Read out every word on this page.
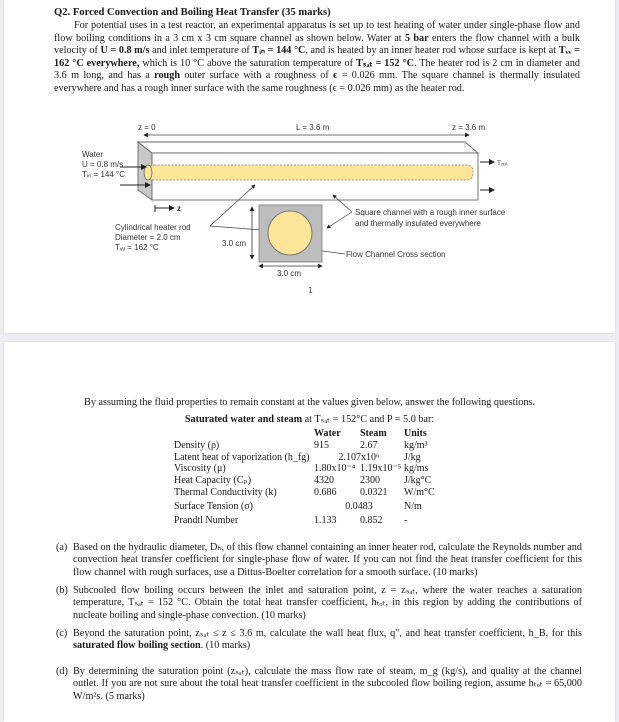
Q2. Forced Convection and Boiling Heat Transfer (35 marks)
For potential uses in a test reactor, an experimental apparatus is set up to test heating of water under single-phase flow and flow boiling conditions in a 3 cm x 3 cm square channel as shown below. Water at 5 bar enters the flow channel with a bulk velocity of U = 0.8 m/s and inlet temperature of Tᵢₙ = 144 °C, and is heated by an inner heater rod whose surface is kept at Tᵥᵥ = 162 °C everywhere, which is 10 °C above the saturation temperature of Tₛₐₜ = 152 °C. The heater rod is 2 cm in diameter and 3.6 m long, and has a rough outer surface with a roughness of ϵ = 0.026 mm. The square channel is thermally insulated everywhere and has a rough inner surface with the same roughness (ϵ = 0.026 mm) as the heater rod.
z = 0	L = 3.6 m	z = 3.6 m
Water
U = 0.8 m/s
Tᵢₙ = 144 °C
Tₒᵤₜ
z
3.0 cm
3.0 cm
Cylindrical heater rod
Diameter = 2.0 cm
Tᵥᵥ = 162 °C
Square channel with a rough inner surface
and thermally insulated everywhere
Flow Channel Cross section
1
By assuming the fluid properties to remain constant at the values given below, answer the following questions.
Saturated water and steam at Tₛₐₜ = 152°C and P = 5.0 bar:
	Water	Steam	Units
Density (ρ)	915	2.67	kg/m³
Latent heat of vaporization (h_fg)	2.107x10⁶		J/kg
Viscosity (μ)	1.80x10⁻⁴	1.19x10⁻⁵	kg/ms
Heat Capacity (Cₚ)	4320	2300	J/kg°C
Thermal Conductivity (k)	0.686	0.0321	W/m°C
Surface Tension (σ)	0.0483		N/m
Prandtl Number	1.133	0.852	-
(a) Based on the hydraulic diameter, Dₕ, of this flow channel containing an inner heater rod, calculate the Reynolds number and convection heat transfer coefficient for single-phase flow of water. If you can not find the heat transfer coefficient for this flow channel with rough surfaces, use a Dittus-Boelter correlation for a smooth surface. (10 marks)
(b) Subcooled flow boiling occurs between the inlet and saturation point, z = zₛₐₜ, where the water reaches a saturation temperature, Tₛₐₜ = 152 °C. Obtain the total heat transfer coefficient, hₜₒₜ, in this region by adding the contributions of nucleate boiling and single-phase convection. (10 marks)
(c) Beyond the saturation point, zₛₐₜ ≤ z ≤ 3.6 m, calculate the wall heat flux, q", and heat transfer coefficient, h_B, for this saturated flow boiling section. (10 marks)
(d) By determining the saturation point (zₛₐₜ), calculate the mass flow rate of steam, m_g (kg/s), and quality at the channel outlet. If you are not sure about the total heat transfer coefficient in the subcooled flow boiling region, assume hₜₒₜ = 65,000 W/m²s. (5 marks)
